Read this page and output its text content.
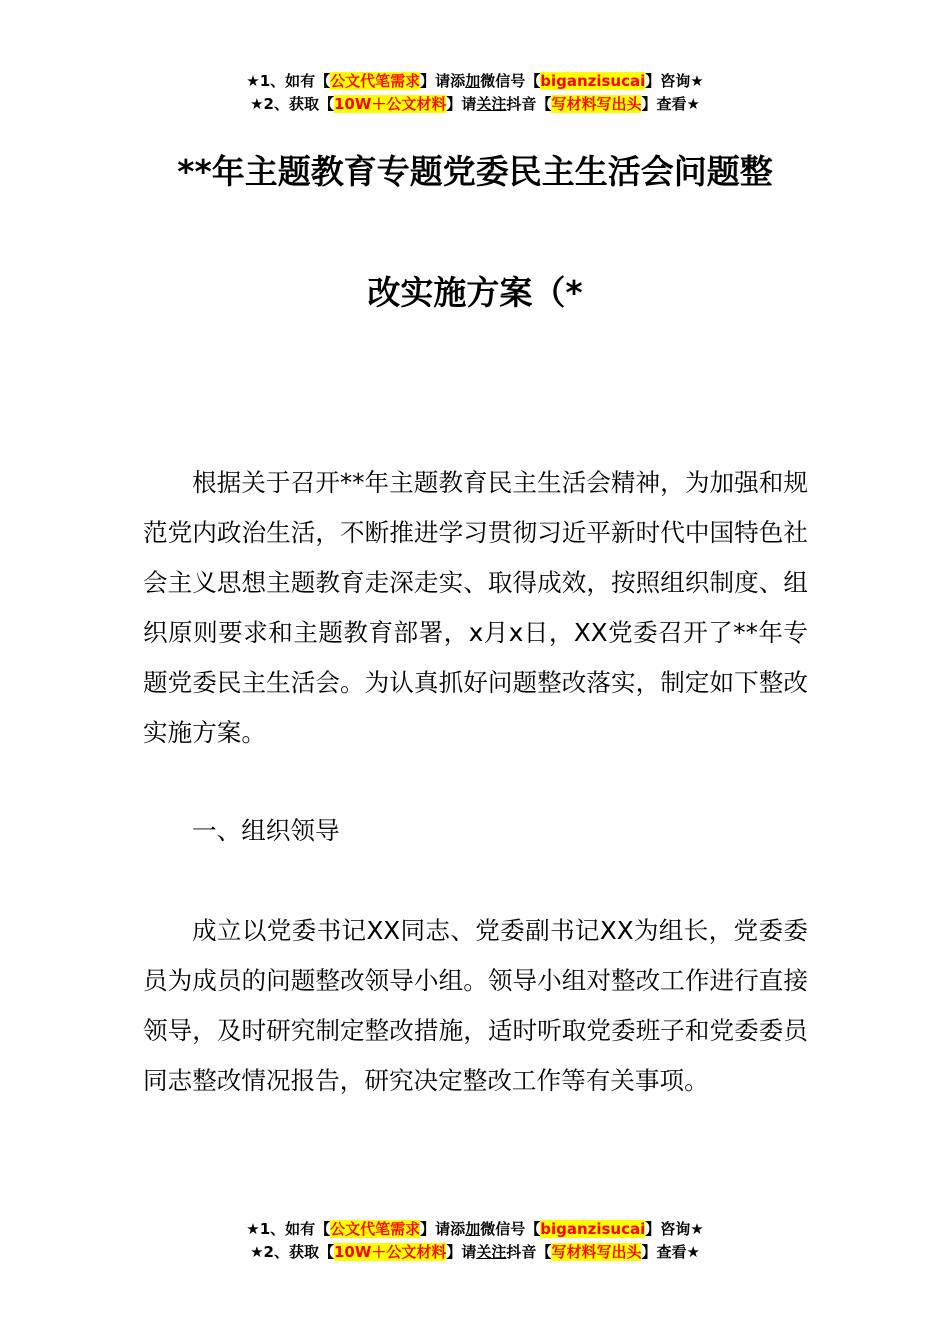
★1、如有【公文代笔需求】请添加微信号【biganzisucai】咨询★
★2、获取【10W＋公文材料】请关注抖音【写材料写出头】查看★
**年主题教育专题党委民主生活会问题整
改实施方案（*

根据关于召开**年主题教育民主生活会精神，为加强和规范党内政治生活，不断推进学习贯彻习近平新时代中国特色社会主义思想主题教育走深走实、取得成效，按照组织制度、组织原则要求和主题教育部署，x月x日，XX党委召开了**年专题党委民主生活会。为认真抓好问题整改落实，制定如下整改实施方案。

一、组织领导

成立以党委书记XX同志、党委副书记XX为组长，党委委员为成员的问题整改领导小组。领导小组对整改工作进行直接领导，及时研究制定整改措施，适时听取党委班子和党委委员同志整改情况报告，研究决定整改工作等有关事项。

★1、如有【公文代笔需求】请添加微信号【biganzisucai】咨询★
★2、获取【10W＋公文材料】请关注抖音【写材料写出头】查看★
